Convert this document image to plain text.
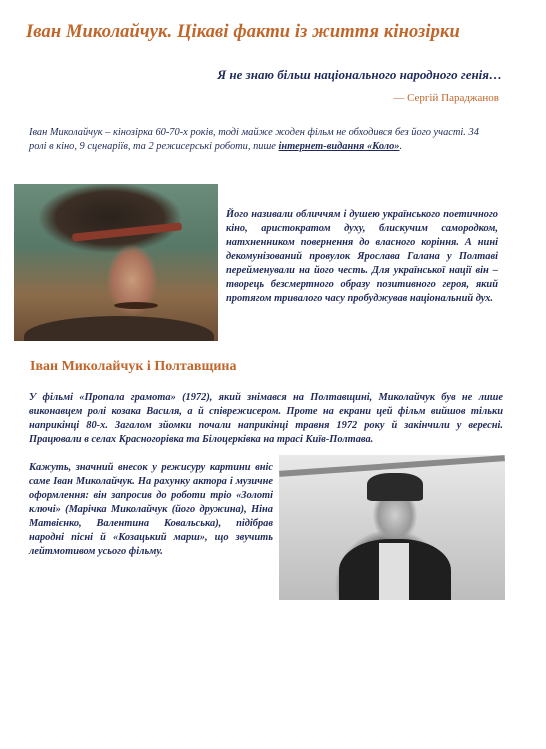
Іван Миколайчук. Цікаві факти із життя кінозірки
Я не знаю більш національного народного генія…
— Сергій Параджанов
Іван Миколайчук – кінозірка 60-70-х років, тоді майже жоден фільм не обходився без його участі. 34 ролі в кіно, 9 сценаріїв, та 2 режисерські роботи, пише інтернет-видання «Коло».
Його називали обличчям і душею українського поетичного кіно, аристократом духу, блискучим самородком, натхненником повернення до власного коріння. А нині декомунізований провулок Ярослава Галана у Полтаві перейменували на його честь. Для української нації він – творець безсмертного образу позитивного героя, який протягом тривалого часу пробуджував національний дух.
Іван Миколайчук і Полтавщина
У фільмі «Пропала грамота» (1972), який знімався на Полтавщині, Миколайчук був не лише виконавцем ролі козака Василя, а й співрежисером. Проте на екрани цей фільм вийшов тільки наприкінці 80-х. Загалом зйомки почали наприкінці травня 1972 року й закінчили у вересні. Працювали в селах Красногорівка та Білоцерківка на трасі Київ-Полтава.
Кажуть, значний внесок у режисуру картини вніс саме Іван Миколайчук. На рахунку актора і музичне оформлення: він запросив до роботи тріо «Золоті ключі» (Марічка Миколайчук (його дружина), Ніна Матвієнко, Валентина Ковальська), підібрав народні пісні й «Козацький марш», що звучить лейтмотивом усього фільму.
